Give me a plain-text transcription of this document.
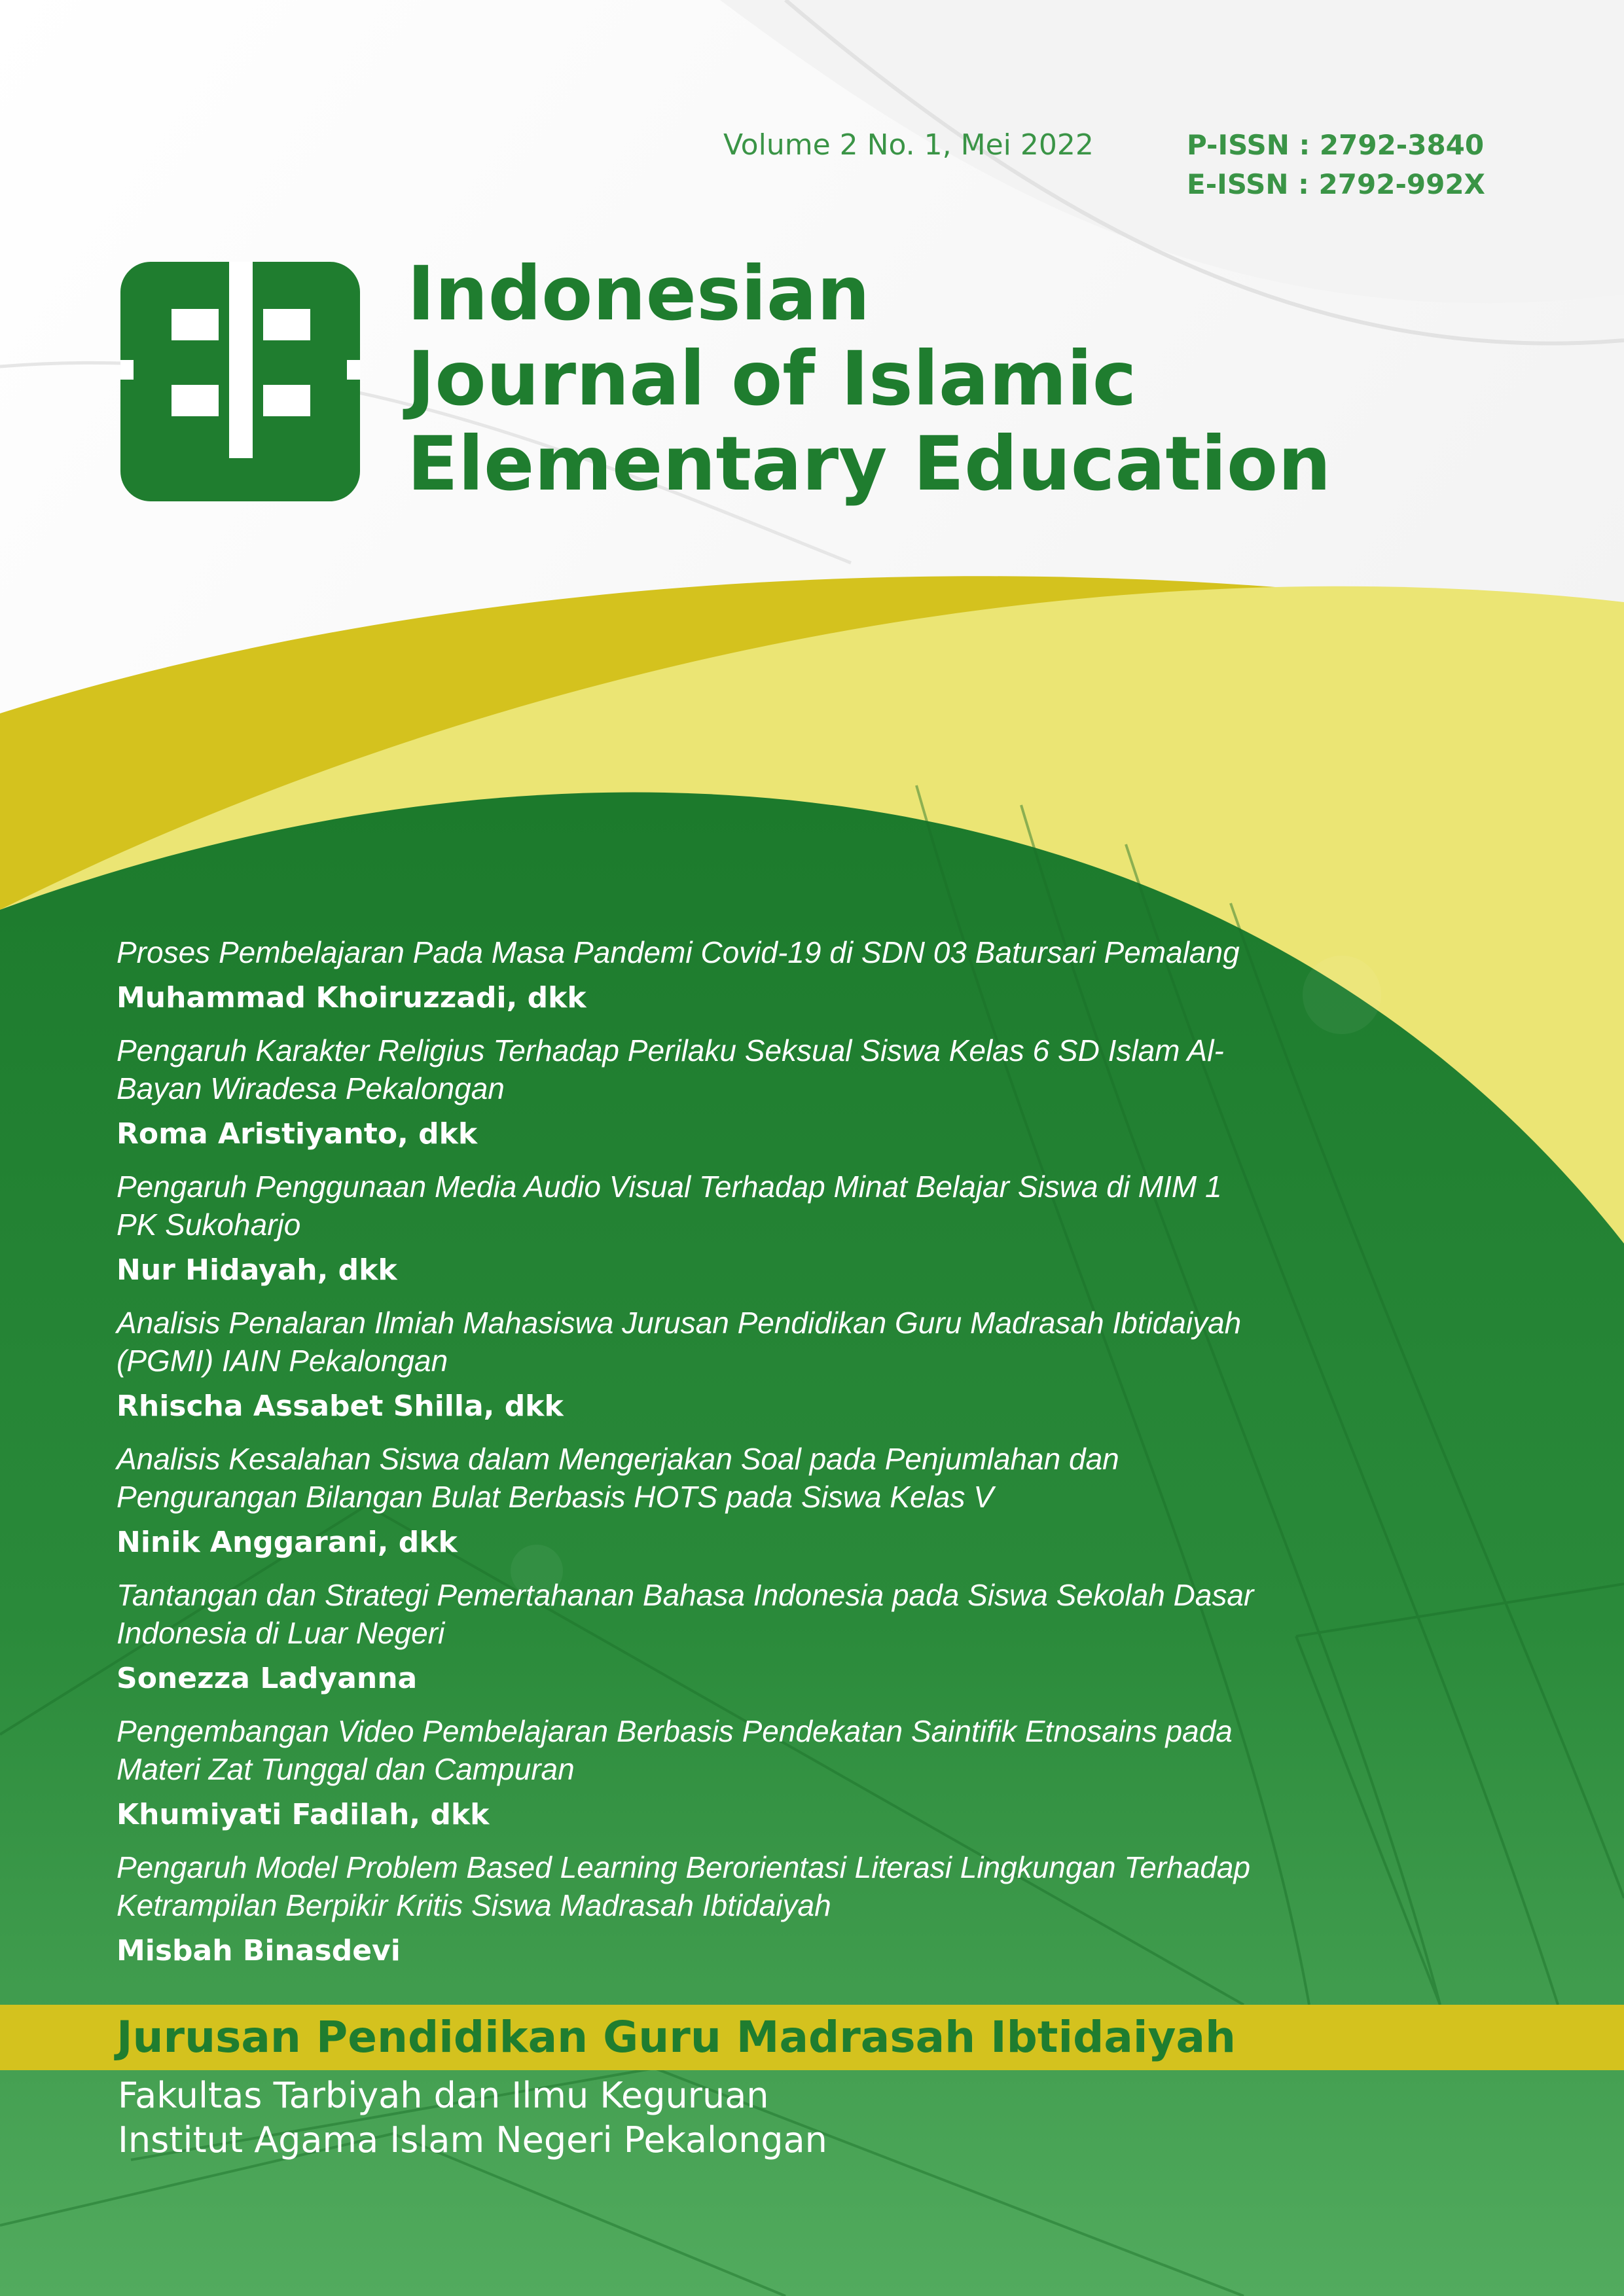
Volume 2 No. 1, Mei 2022	P-ISSN : 2792-3840
E-ISSN : 2792-992X
Indonesian
Journal of Islamic
Elementary Education

Proses Pembelajaran Pada Masa Pandemi Covid-19 di SDN 03 Batursari Pemalang

Muhammad Khoiruzzadi, dkk

Pengaruh Karakter Religius Terhadap Perilaku Seksual Siswa Kelas 6 SD Islam Al-Bayan Wiradesa Pekalongan

Roma Aristiyanto, dkk

Pengaruh Penggunaan Media Audio Visual Terhadap Minat Belajar Siswa di MIM 1 PK Sukoharjo

Nur Hidayah, dkk

Analisis Penalaran Ilmiah Mahasiswa Jurusan Pendidikan Guru Madrasah Ibtidaiyah (PGMI) IAIN Pekalongan

Rhischa Assabet Shilla, dkk

Analisis Kesalahan Siswa dalam Mengerjakan Soal pada Penjumlahan dan Pengurangan Bilangan Bulat Berbasis HOTS pada Siswa Kelas V

Ninik Anggarani, dkk

Tantangan dan Strategi Pemertahanan Bahasa Indonesia pada Siswa Sekolah Dasar Indonesia di Luar Negeri

Sonezza Ladyanna

Pengembangan Video Pembelajaran Berbasis Pendekatan Saintifik Etnosains pada Materi Zat Tunggal dan Campuran

Khumiyati Fadilah, dkk

Pengaruh Model Problem Based Learning Berorientasi Literasi Lingkungan Terhadap Ketrampilan Berpikir Kritis Siswa Madrasah Ibtidaiyah

Misbah Binasdevi

Jurusan Pendidikan Guru Madrasah Ibtidaiyah
Fakultas Tarbiyah dan Ilmu Keguruan
Institut Agama Islam Negeri Pekalongan
